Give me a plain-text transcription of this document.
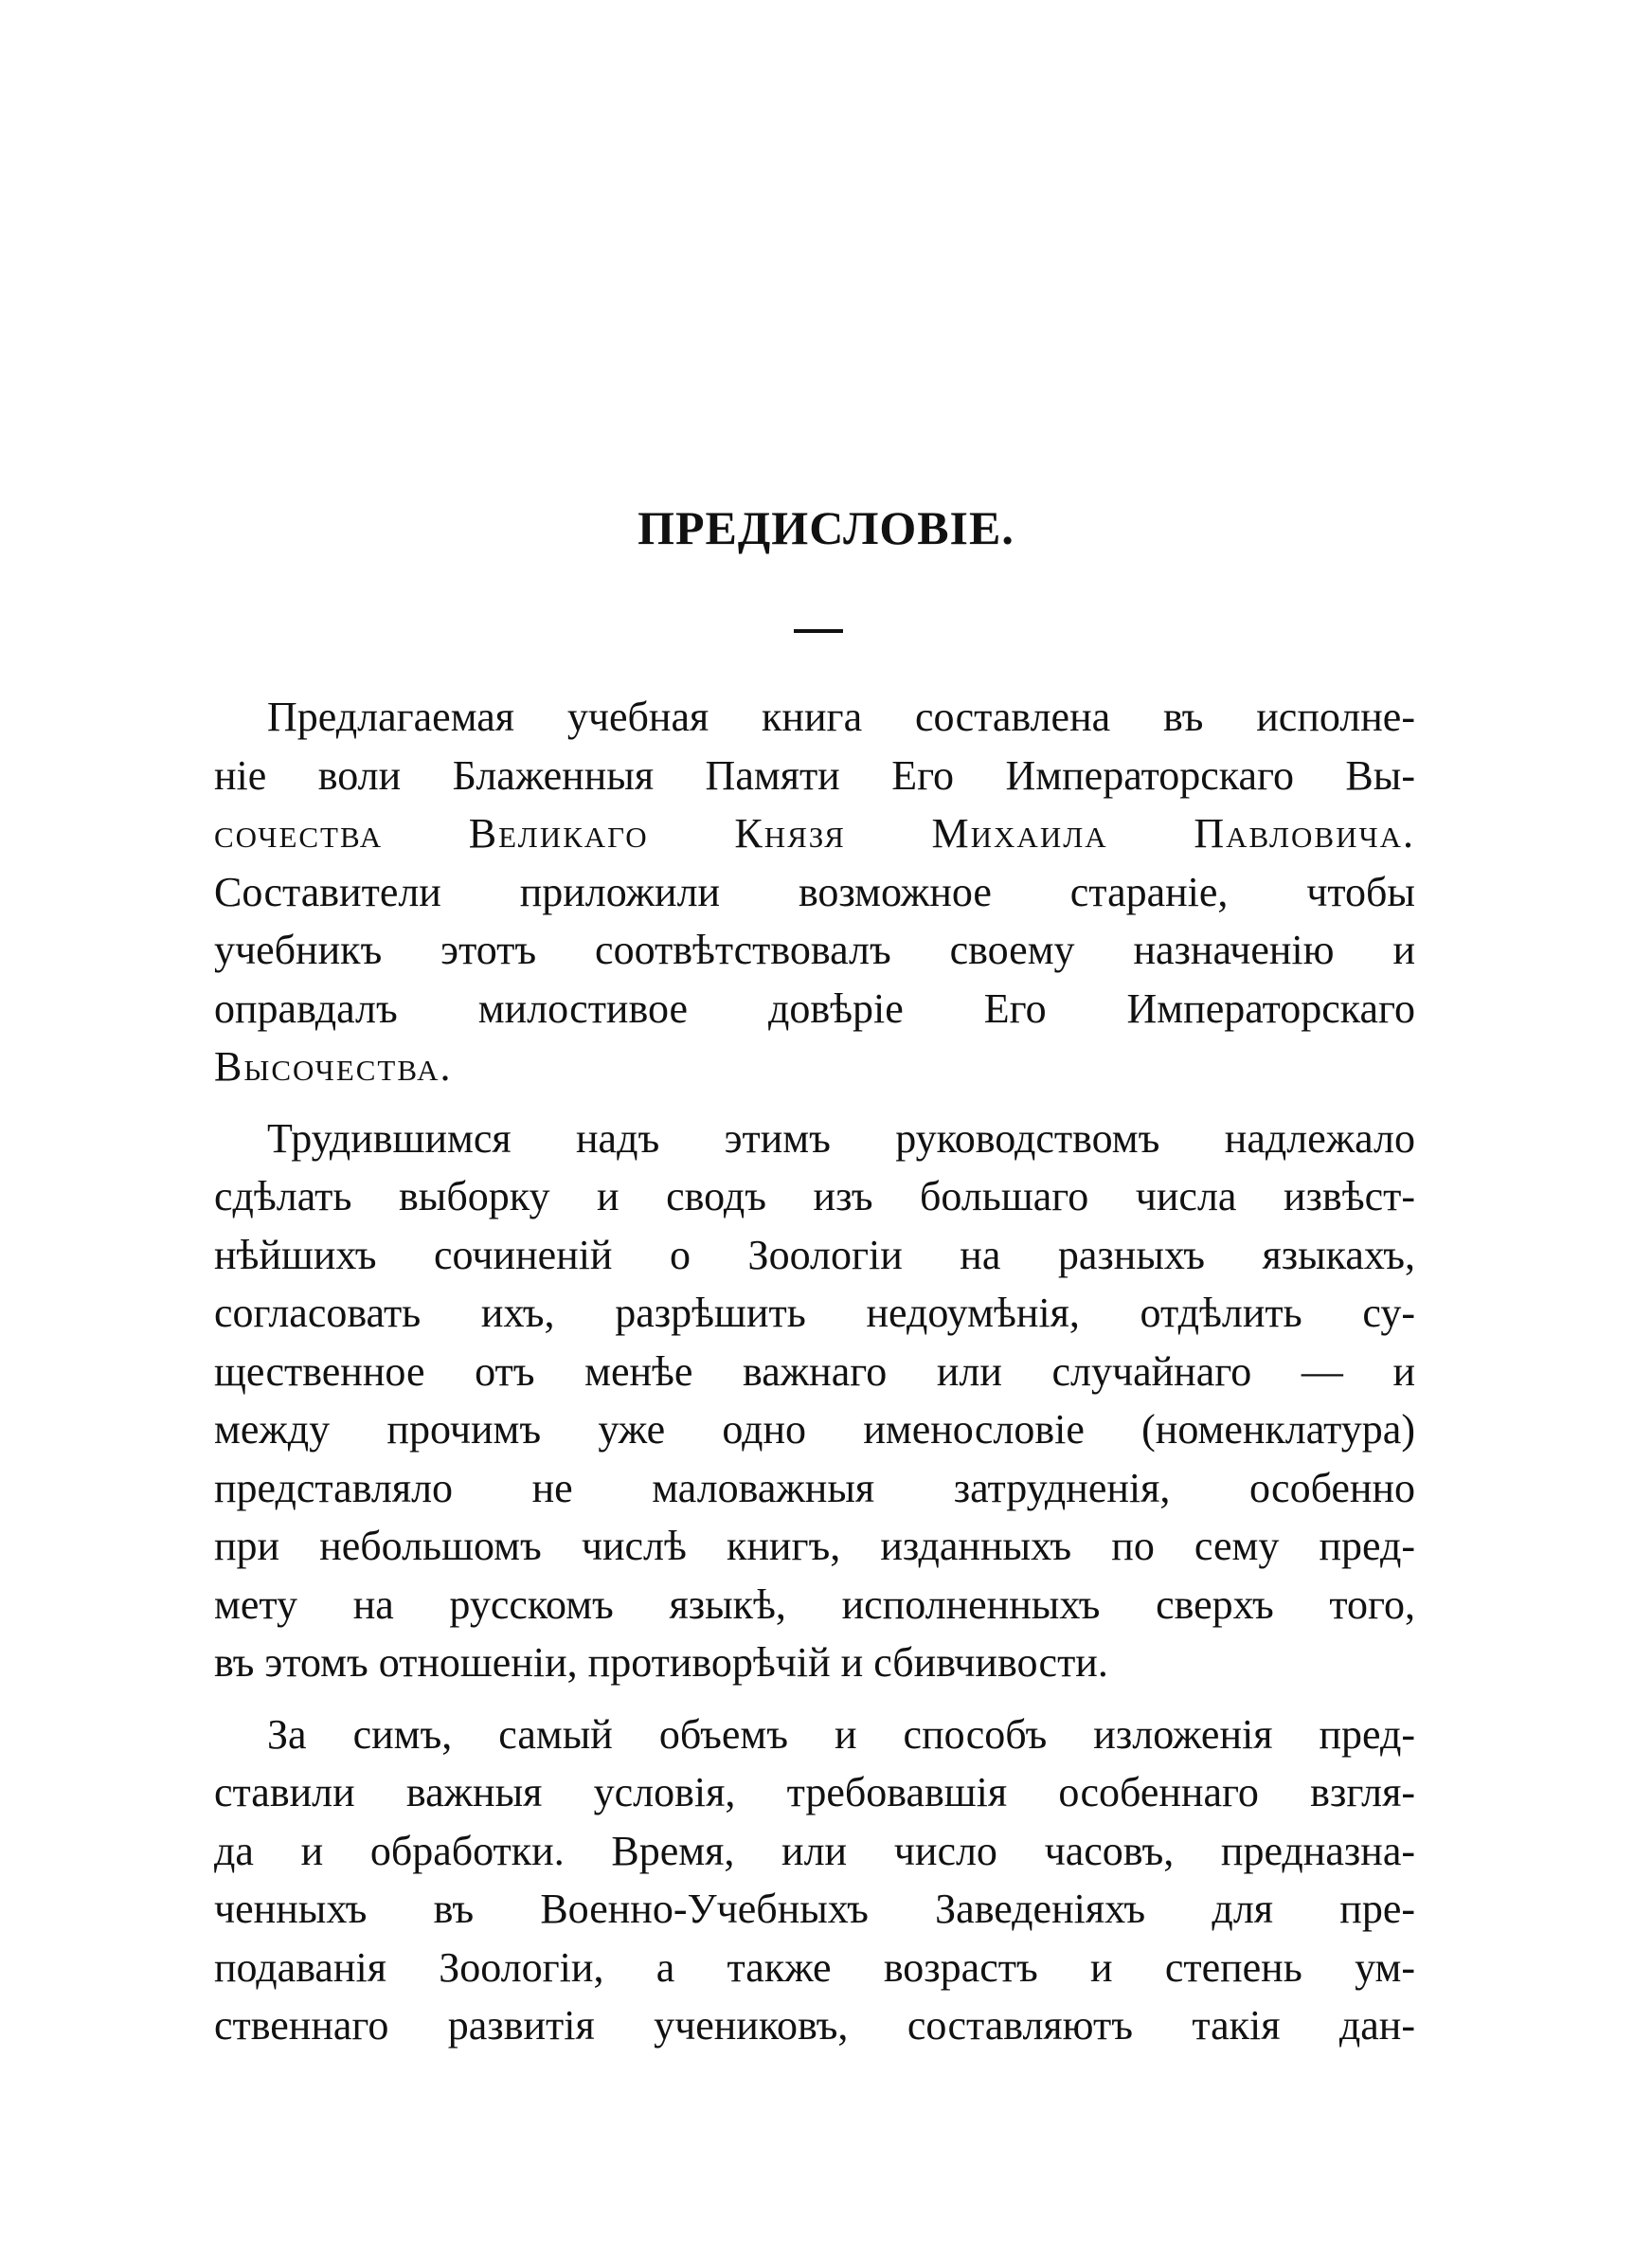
ПРЕДИСЛОВІЕ.
Предлагаемая учебная книга составлена въ исполне-
ніе воли Блаженныя Памяти Его Императорскаго Вы-
сочества Великаго Князя Михаила Павловича.
Составители приложили возможное стараніе, чтобы
учебникъ этотъ соотвѣтствовалъ своему назначенію и
оправдалъ милостивое довѣріе Его Императорскаго
Высочества.
Трудившимся надъ этимъ руководствомъ надлежало
сдѣлать выборку и сводъ изъ большаго числа извѣст-
нѣйшихъ сочиненій о Зоологіи на разныхъ языкахъ,
согласовать ихъ, разрѣшить недоумѣнія, отдѣлить су-
щественное отъ менѣе важнаго или случайнаго — и
между прочимъ уже одно именословіе (номенклатура)
представляло не маловажныя затрудненія, особенно
при небольшомъ числѣ книгъ, изданныхъ по сему пред-
мету на русскомъ языкѣ, исполненныхъ сверхъ того,
въ этомъ отношеніи, противорѣчій и сбивчивости.
За симъ, самый объемъ и способъ изложенія пред-
ставили важныя условія, требовавшія особеннаго взгля-
да и обработки. Время, или число часовъ, предназна-
ченныхъ въ Военно-Учебныхъ Заведеніяхъ для пре-
подаванія Зоологіи, а также возрастъ и степень ум-
ственнаго развитія учениковъ, составляютъ такія дан-
